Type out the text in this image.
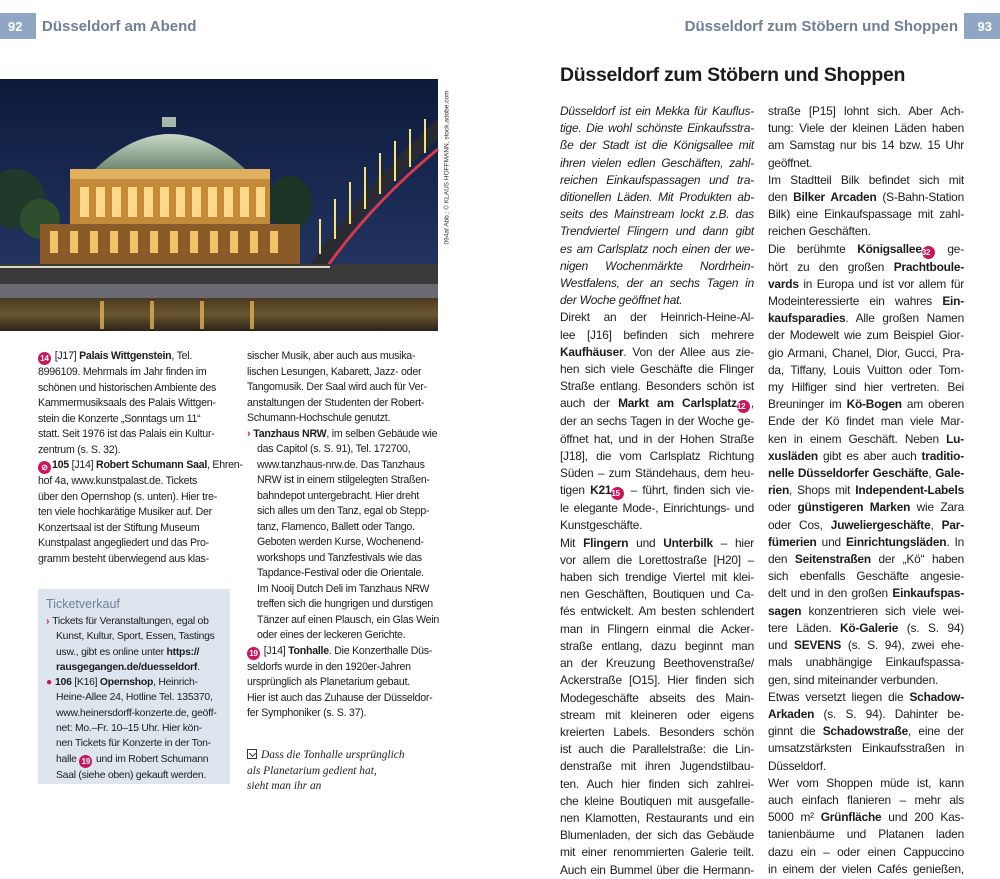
92	Düsseldorf am Abend	Düsseldorf zum Stöbern und Shoppen	93
094af Abb.: © KLAUS HOFFMANN, stock.adobe.com
14 [J17] Palais Wittgenstein, Tel.
8996109. Mehrmals im Jahr finden im
schönen und historischen Ambiente des
Kammermusiksaals des Palais Wittgen-
stein die Konzerte „Sonntags um 11“
statt. Seit 1976 ist das Palais ein Kultur-
zentrum (s. S. 32).
⊘ 105 [J14] Robert Schumann Saal, Ehren-
hof 4a, www.kunstpalast.de. Tickets
über den Opernshop (s. unten). Hier tre-
ten viele hochkarätige Musiker auf. Der
Konzertsaal ist der Stiftung Museum
Kunstpalast angegliedert und das Pro-
gramm besteht überwiegend aus klas-
sischer Musik, aber auch aus musika-
lischen Lesungen, Kabarett, Jazz- oder
Tangomusik. Der Saal wird auch für Ver-
anstaltungen der Studenten der Robert-
Schumann-Hochschule genutzt.
› Tanzhaus NRW, im selben Gebäude wie
das Capitol (s. S. 91), Tel. 172700,
www.tanzhaus-nrw.de. Das Tanzhaus
NRW ist in einem stilgelegten Straßen-
bahndepot untergebracht. Hier dreht
sich alles um den Tanz, egal ob Stepp-
tanz, Flamenco, Ballett oder Tango.
Geboten werden Kurse, Wochenend-
workshops und Tanzfestivals wie das
Tapdance-Festival oder die Orientale.
Im Nooij Dutch Deli im Tanzhaus NRW
treffen sich die hungrigen und durstigen
Tänzer auf einen Plausch, ein Glas Wein
oder eines der leckeren Gerichte.
19 [J14] Tonhalle. Die Konzerthalle Düs-
seldorfs wurde in den 1920er-Jahren
ursprünglich als Planetarium gebaut.
Hier ist auch das Zuhause der Düsseldor-
fer Symphoniker (s. S. 37).
Ticketverkauf
› Tickets für Veranstaltungen, egal ob
Kunst, Kultur, Sport, Essen, Tastings
usw., gibt es online unter https://
rausgegangen.de/duesseldorf.
● 106 [K16] Opernshop, Heinrich-
Heine-Allee 24, Hotline Tel. 135370,
www.heinersdorff-konzerte.de, geöff-
net: Mo.–Fr. 10–15 Uhr. Hier kön-
nen Tickets für Konzerte in der Ton-
halle 19 und im Robert Schumann
Saal (siehe oben) gekauft werden.
Dass die Tonhalle ursprünglich
als Planetarium gedient hat,
sieht man ihr an
Düsseldorf zum Stöbern und Shoppen
Düsseldorf ist ein Mekka für Kauflus-
tige. Die wohl schönste Einkaufsstra-
ße der Stadt ist die Königsallee mit
ihren vielen edlen Geschäften, zahl-
reichen Einkaufspassagen und tra-
ditionellen Läden. Mit Produkten ab-
seits des Mainstream lockt z.B. das
Trendviertel Flingern und dann gibt
es am Carlsplatz noch einen der we-
nigen Wochenmärkte Nordrhein-
Westfalens, der an sechs Tagen in
der Woche geöffnet hat.
Direkt an der Heinrich-Heine-Al-
lee [J16] befinden sich mehrere
Kaufhäuser. Von der Allee aus zie-
hen sich viele Geschäfte die Flinger
Straße entlang. Besonders schön ist
auch der Markt am Carlsplatz12 ,
der an sechs Tagen in der Woche ge-
öffnet hat, und in der Hohen Straße
[J18], die vom Carlsplatz Richtung
Süden – zum Ständehaus, dem heu-
tigen K2115 – führt, finden sich vie-
le elegante Mode-, Einrichtungs- und
Kunstgeschäfte.
Mit Flingern und Unterbilk – hier
vor allem die Lorettostraße [H20] –
haben sich trendige Viertel mit klei-
nen Geschäften, Boutiquen und Ca-
fés entwickelt. Am besten schlendert
man in Flingern einmal die Acker-
straße entlang, dazu beginnt man
an der Kreuzung Beethovenstraße/
Ackerstraße [O15]. Hier finden sich
Modegeschäfte abseits des Main-
stream mit kleineren oder eigens
kreierten Labels. Besonders schön
ist auch die Parallelstraße: die Lin-
denstraße mit ihren Jugendstilbau-
ten. Auch hier finden sich zahlrei-
che kleine Boutiquen mit ausgefalle-
nen Klamotten, Restaurants und ein
Blumenladen, der sich das Gebäude
mit einer renommierten Galerie teilt.
Auch ein Bummel über die Hermann-
straße [P15] lohnt sich. Aber Ach-
tung: Viele der kleinen Läden haben
am Samstag nur bis 14 bzw. 15 Uhr
geöffnet.
Im Stadtteil Bilk befindet sich mit
den Bilker Arcaden (S-Bahn-Station
Bilk) eine Einkaufspassage mit zahl-
reichen Geschäften.
Die berühmte Königsallee32 ge-
hört zu den großen Prachtboule-
vards in Europa und ist vor allem für
Modeinteressierte ein wahres Ein-
kaufsparadies. Alle großen Namen
der Modewelt wie zum Beispiel Gior-
gio Armani, Chanel, Dior, Gucci, Pra-
da, Tiffany, Louis Vuitton oder Tom-
my Hilfiger sind hier vertreten. Bei
Breuninger im Kö-Bogen am oberen
Ende der Kö findet man viele Mar-
ken in einem Geschäft. Neben Lu-
xusläden gibt es aber auch traditio-
nelle Düsseldorfer Geschäfte, Gale-
rien, Shops mit Independent-Labels
oder günstigeren Marken wie Zara
oder Cos, Juweliergeschäfte, Par-
fümerien und Einrichtungsläden. In
den Seitenstraßen der „Kö“ haben
sich ebenfalls Geschäfte angesie-
delt und in den großen Einkaufspas-
sagen konzentrieren sich viele wei-
tere Läden. Kö-Galerie (s. S. 94)
und SEVENS (s. S. 94), zwei ehe-
mals unabhängige Einkaufspassa-
gen, sind miteinander verbunden.
Etwas versetzt liegen die Schadow-
Arkaden (s. S. 94). Dahinter be-
ginnt die Schadowstraße, eine der
umsatzstärksten Einkaufsstraßen in
Düsseldorf.
Wer vom Shoppen müde ist, kann
auch einfach flanieren – mehr als
5000 m² Grünfläche und 200 Kas-
tanienbäume und Platanen laden
dazu ein – oder einen Cappuccino
in einem der vielen Cafés genießen,
